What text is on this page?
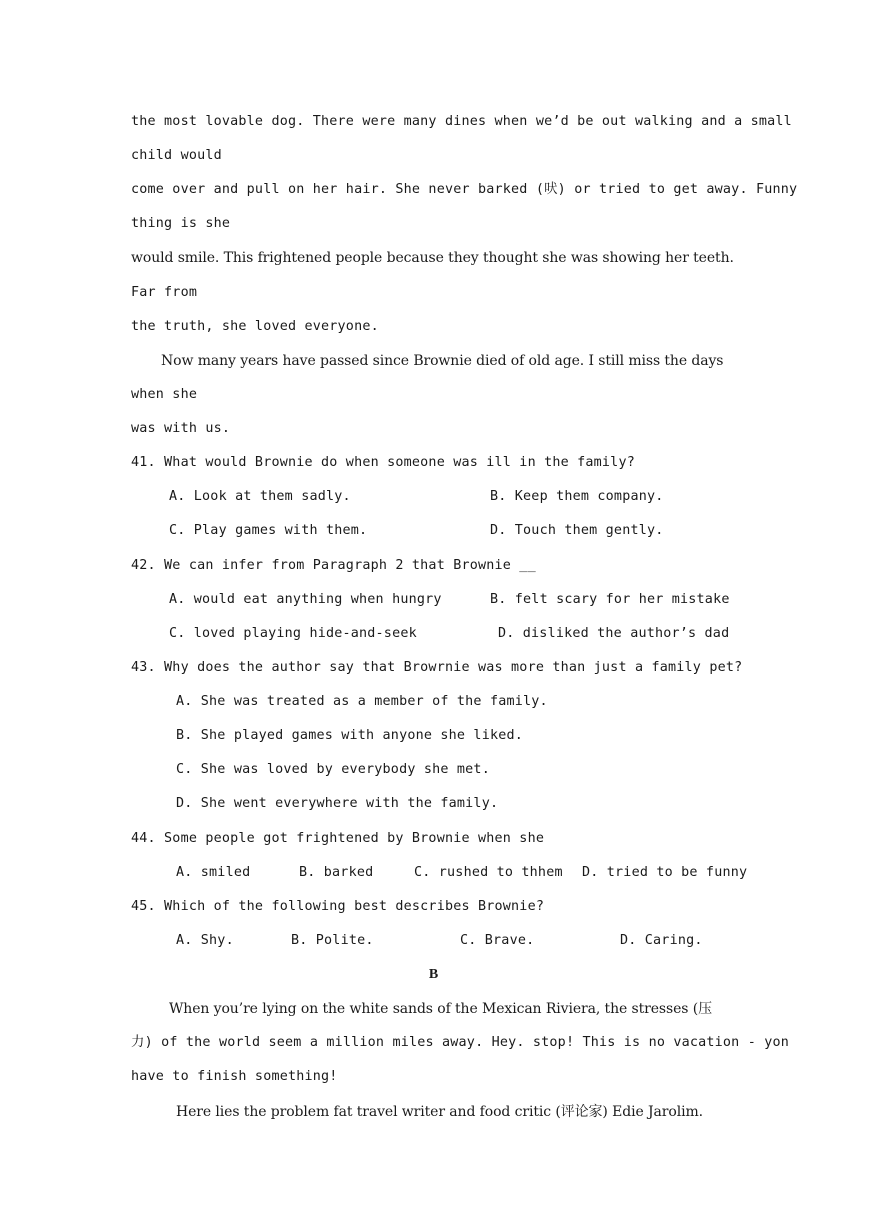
the most lovable dog. There were many dines when we’d be out walking and a small
child would
come over and pull on her hair. She never barked (吠) or tried to get away. Funny
thing is she
would smile. This frightened people because they thought she was showing her teeth.
Far from
the truth, she loved everyone.
Now many years have passed since Brownie died of old age. I still miss the days
when she
was with us.
41. What would Brownie do when someone was ill in the family?
A. Look at them sadly.	B. Keep them company.
C. Play games with them.	D. Touch them gently.
42. We can infer from Paragraph 2 that Brownie __
A. would eat anything when hungry	B. felt scary for her mistake
C. loved playing hide-and-seek	D. disliked the author’s dad
43. Why does the author say that Browrnie was more than just a family pet?
A. She was treated as a member of the family.
B. She played games with anyone she liked.
C. She was loved by everybody she met.
D. She went everywhere with the family.
44. Some people got frightened by Brownie when she
A. smiled	B. barked	C. rushed to thhem D. tried to be funny
45. Which of the following best describes Brownie?
A. Shy.	B. Polite.	C. Brave.	D. Caring.
B
When you’re lying on the white sands of the Mexican Riviera, the stresses (压
力) of the world seem a million miles away. Hey. stop! This is no vacation - yon
have to finish something!
Here lies the problem fat travel writer and food critic (评论家) Edie Jarolim.
